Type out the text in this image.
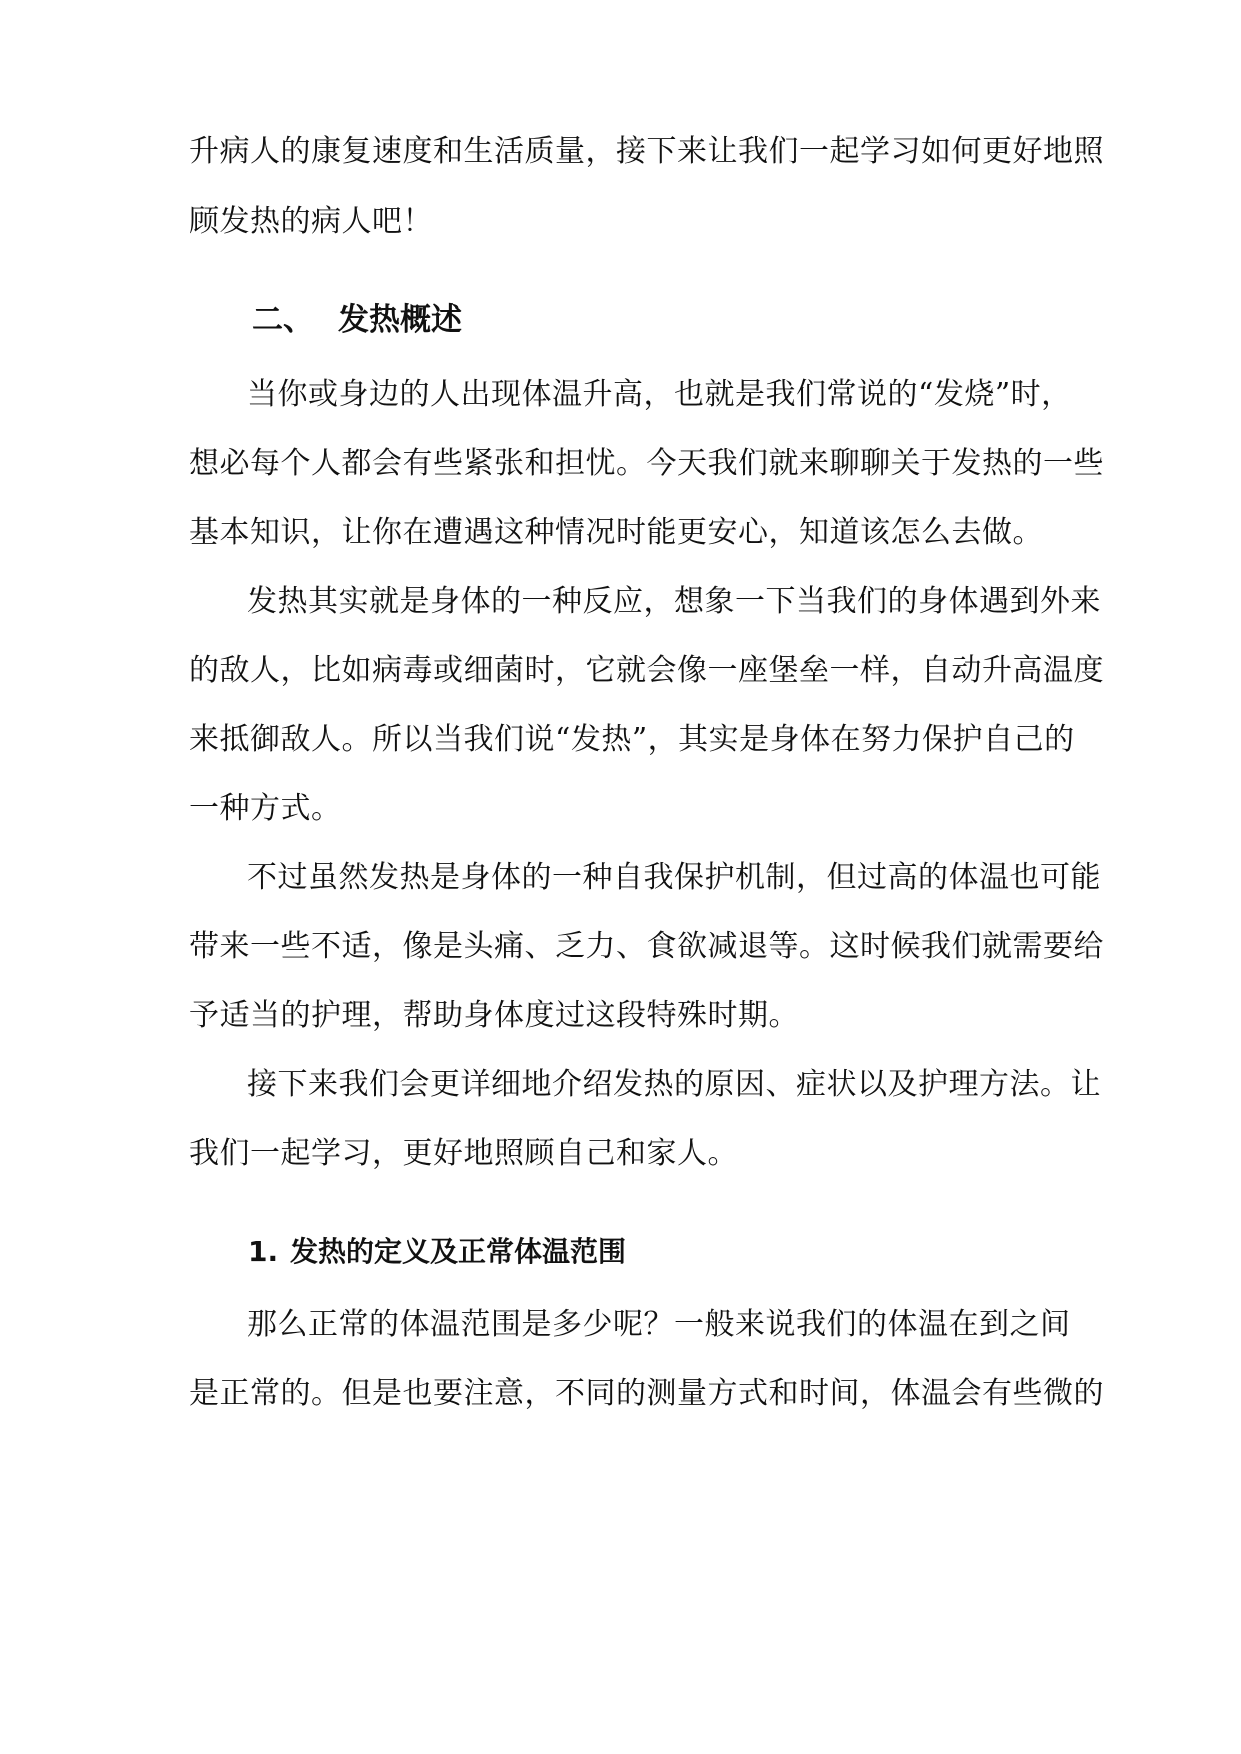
升病人的康复速度和生活质量，接下来让我们一起学习如何更好地照
顾发热的病人吧！
二、 发热概述
当你或身边的人出现体温升高，也就是我们常说的“发烧”时，
想必每个人都会有些紧张和担忧。今天我们就来聊聊关于发热的一些
基本知识，让你在遭遇这种情况时能更安心，知道该怎么去做。
发热其实就是身体的一种反应，想象一下当我们的身体遇到外来
的敌人，比如病毒或细菌时，它就会像一座堡垒一样，自动升高温度
来抵御敌人。所以当我们说“发热”，其实是身体在努力保护自己的
一种方式。
不过虽然发热是身体的一种自我保护机制，但过高的体温也可能
带来一些不适，像是头痛、乏力、食欲减退等。这时候我们就需要给
予适当的护理，帮助身体度过这段特殊时期。
接下来我们会更详细地介绍发热的原因、症状以及护理方法。让
我们一起学习，更好地照顾自己和家人。
1. 发热的定义及正常体温范围
那么正常的体温范围是多少呢？一般来说我们的体温在到之间
是正常的。但是也要注意，不同的测量方式和时间，体温会有些微的
